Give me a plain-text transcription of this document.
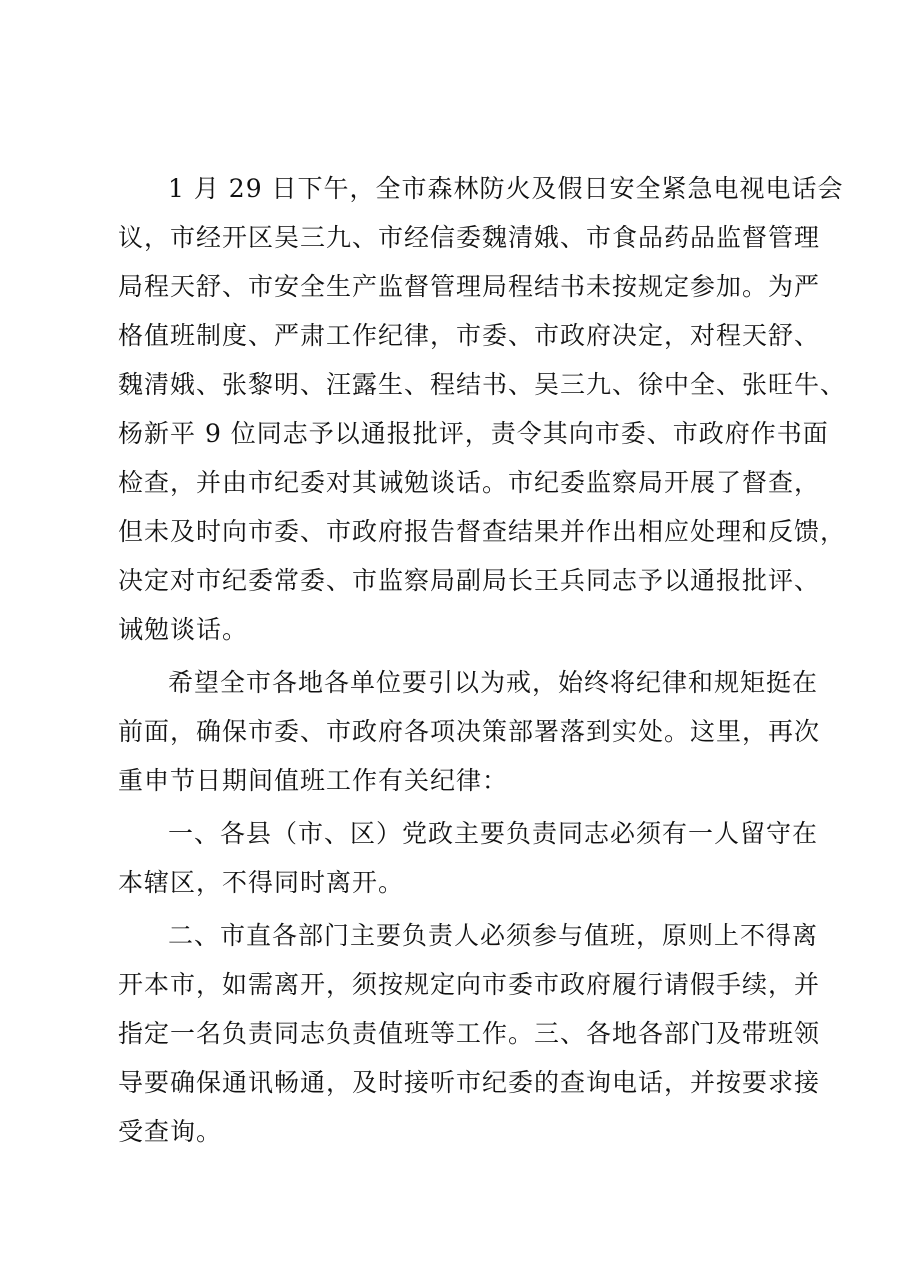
1 月 29 日下午，全市森林防火及假日安全紧急电视电话会
议，市经开区吴三九、市经信委魏清娥、市食品药品监督管理
局程天舒、市安全生产监督管理局程结书未按规定参加。为严
格值班制度、严肃工作纪律，市委、市政府决定，对程天舒、
魏清娥、张黎明、汪露生、程结书、吴三九、徐中全、张旺牛、
杨新平 9 位同志予以通报批评，责令其向市委、市政府作书面
检查，并由市纪委对其诫勉谈话。市纪委监察局开展了督查，
但未及时向市委、市政府报告督查结果并作出相应处理和反馈，
决定对市纪委常委、市监察局副局长王兵同志予以通报批评、
诫勉谈话。
希望全市各地各单位要引以为戒，始终将纪律和规矩挺在
前面，确保市委、市政府各项决策部署落到实处。这里，再次
重申节日期间值班工作有关纪律：
一、各县（市、区）党政主要负责同志必须有一人留守在
本辖区，不得同时离开。
二、市直各部门主要负责人必须参与值班，原则上不得离
开本市，如需离开，须按规定向市委市政府履行请假手续，并
指定一名负责同志负责值班等工作。三、各地各部门及带班领
导要确保通讯畅通，及时接听市纪委的查询电话，并按要求接
受查询。
